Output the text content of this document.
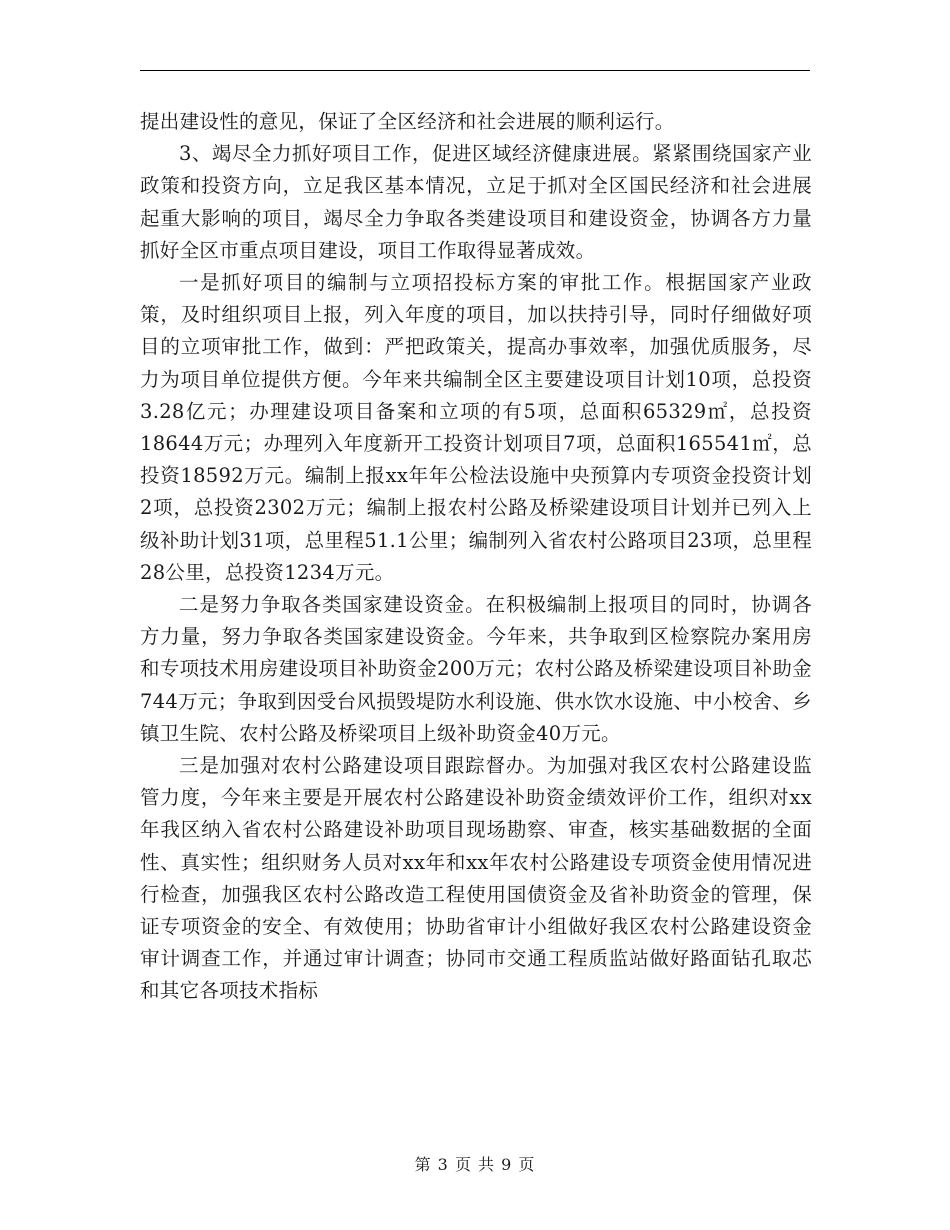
提出建设性的意见，保证了全区经济和社会进展的顺利运行。

3、竭尽全力抓好项目工作，促进区域经济健康进展。紧紧围绕国家产业政策和投资方向，立足我区基本情况，立足于抓对全区国民经济和社会进展起重大影响的项目，竭尽全力争取各类建设项目和建设资金，协调各方力量抓好全区市重点项目建设，项目工作取得显著成效。

一是抓好项目的编制与立项招投标方案的审批工作。根据国家产业政策，及时组织项目上报，列入年度的项目，加以扶持引导，同时仔细做好项目的立项审批工作，做到：严把政策关，提高办事效率，加强优质服务，尽力为项目单位提供方便。今年来共编制全区主要建设项目计划10项，总投资3.28亿元；办理建设项目备案和立项的有5项，总面积65329㎡，总投资18644万元；办理列入年度新开工投资计划项目7项，总面积165541㎡，总投资18592万元。编制上报xx年年公检法设施中央预算内专项资金投资计划2项，总投资2302万元；编制上报农村公路及桥梁建设项目计划并已列入上级补助计划31项，总里程51.1公里；编制列入省农村公路项目23项，总里程28公里，总投资1234万元。

二是努力争取各类国家建设资金。在积极编制上报项目的同时，协调各方力量，努力争取各类国家建设资金。今年来，共争取到区检察院办案用房和专项技术用房建设项目补助资金200万元；农村公路及桥梁建设项目补助金744万元；争取到因受台风损毁堤防水利设施、供水饮水设施、中小校舍、乡镇卫生院、农村公路及桥梁项目上级补助资金40万元。

三是加强对农村公路建设项目跟踪督办。为加强对我区农村公路建设监管力度，今年来主要是开展农村公路建设补助资金绩效评价工作，组织对xx年我区纳入省农村公路建设补助项目现场勘察、审查，核实基础数据的全面性、真实性；组织财务人员对xx年和xx年农村公路建设专项资金使用情况进行检查，加强我区农村公路改造工程使用国债资金及省补助资金的管理，保证专项资金的安全、有效使用；协助省审计小组做好我区农村公路建设资金审计调查工作，并通过审计调查；协同市交通工程质监站做好路面钻孔取芯和其它各项技术指标

第 3 页 共 9 页
